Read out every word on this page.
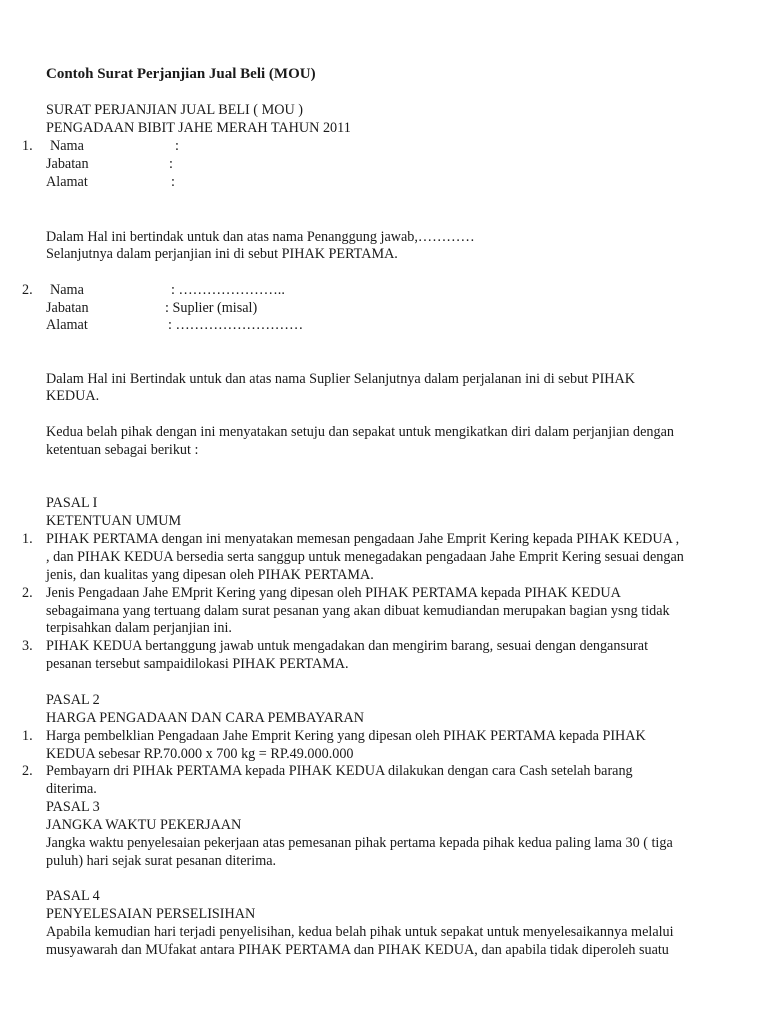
Contoh Surat Perjanjian Jual Beli (MOU)
SURAT PERJANJIAN JUAL BELI ( MOU )
PENGADAAN BIBIT JAHE MERAH TAHUN 2011
1. Nama	:
Jabatan	:
Alamat	:
Dalam Hal ini bertindak untuk dan atas nama Penanggung jawab,…………
Selanjutnya dalam perjanjian ini di sebut PIHAK PERTAMA.
2. Nama	: …………………..
Jabatan	: Suplier (misal)
Alamat	: ………………………
Dalam Hal ini Bertindak untuk dan atas nama Suplier Selanjutnya dalam perjalanan ini di sebut PIHAK
KEDUA.
Kedua belah pihak dengan ini menyatakan setuju dan sepakat untuk mengikatkan diri dalam perjanjian dengan
ketentuan sebagai berikut :
PASAL I
KETENTUAN UMUM
1. PIHAK PERTAMA dengan ini menyatakan memesan pengadaan Jahe Emprit Kering kepada PIHAK KEDUA ,
, dan PIHAK KEDUA bersedia serta sanggup untuk menegadakan pengadaan Jahe Emprit Kering sesuai dengan
jenis, dan kualitas yang dipesan oleh PIHAK PERTAMA.
2. Jenis Pengadaan Jahe EMprit Kering yang dipesan oleh PIHAK PERTAMA kepada PIHAK KEDUA
sebagaimana yang tertuang dalam surat pesanan yang akan dibuat kemudiandan merupakan bagian ysng tidak
terpisahkan dalam perjanjian ini.
3. PIHAK KEDUA bertanggung jawab untuk mengadakan dan mengirim barang, sesuai dengan dengansurat
pesanan tersebut sampaidilokasi PIHAK PERTAMA.
PASAL 2
HARGA PENGADAAN DAN CARA PEMBAYARAN
1. Harga pembelklian Pengadaan Jahe Emprit Kering yang dipesan oleh PIHAK PERTAMA kepada PIHAK
KEDUA sebesar RP.70.000 x 700 kg = RP.49.000.000
2. Pembayarn dri PIHAk PERTAMA kepada PIHAK KEDUA dilakukan dengan cara Cash setelah barang
diterima.
PASAL 3
JANGKA WAKTU PEKERJAAN
Jangka waktu penyelesaian pekerjaan atas pemesanan pihak pertama kepada pihak kedua paling lama 30 ( tiga
puluh) hari sejak surat pesanan diterima.
PASAL 4
PENYELESAIAN PERSELISIHAN
Apabila kemudian hari terjadi penyelisihan, kedua belah pihak untuk sepakat untuk menyelesaikannya melalui
musyawarah dan MUfakat antara PIHAK PERTAMA dan PIHAK KEDUA, dan apabila tidak diperoleh suatu
